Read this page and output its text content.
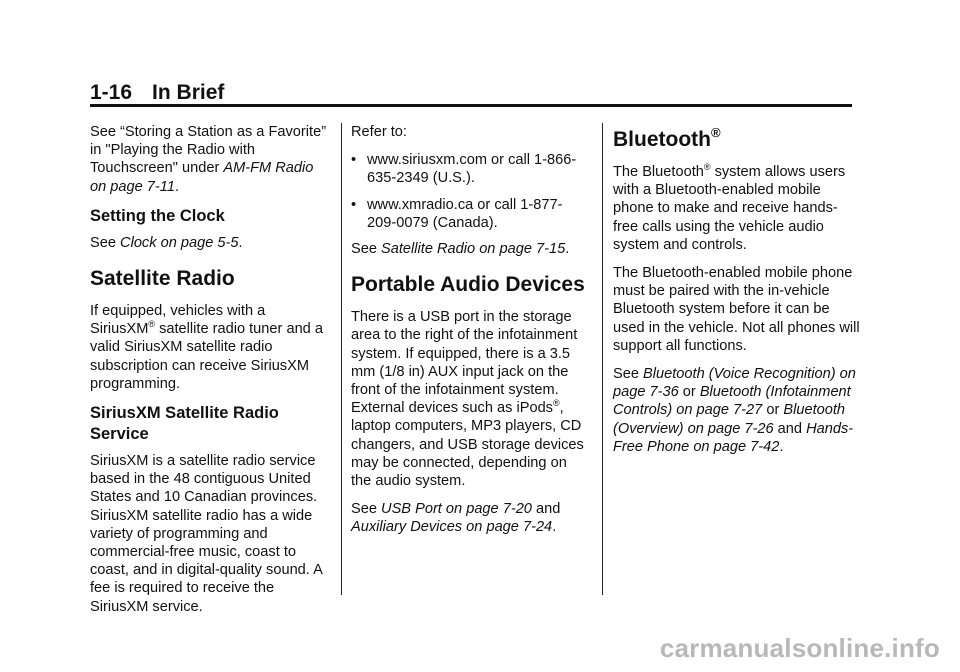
1-16 In Brief

See “Storing a Station as a Favorite” in "Playing the Radio with Touchscreen" under AM-FM Radio on page 7-11.

Setting the Clock

See Clock on page 5-5.

Satellite Radio

If equipped, vehicles with a SiriusXM® satellite radio tuner and a valid SiriusXM satellite radio subscription can receive SiriusXM programming.

SiriusXM Satellite Radio Service

SiriusXM is a satellite radio service based in the 48 contiguous United States and 10 Canadian provinces. SiriusXM satellite radio has a wide variety of programming and commercial-free music, coast to coast, and in digital-quality sound. A fee is required to receive the SiriusXM service.

Refer to:

• www.siriusxm.com or call 1-866-635-2349 (U.S.).
• www.xmradio.ca or call 1-877-209-0079 (Canada).

See Satellite Radio on page 7-15.

Portable Audio Devices

There is a USB port in the storage area to the right of the infotainment system. If equipped, there is a 3.5 mm (1/8 in) AUX input jack on the front of the infotainment system. External devices such as iPods®, laptop computers, MP3 players, CD changers, and USB storage devices may be connected, depending on the audio system.

See USB Port on page 7-20 and Auxiliary Devices on page 7-24.

Bluetooth®

The Bluetooth® system allows users with a Bluetooth-enabled mobile phone to make and receive hands-free calls using the vehicle audio system and controls.

The Bluetooth-enabled mobile phone must be paired with the in-vehicle Bluetooth system before it can be used in the vehicle. Not all phones will support all functions.

See Bluetooth (Voice Recognition) on page 7-36 or Bluetooth (Infotainment Controls) on page 7-27 or Bluetooth (Overview) on page 7-26 and Hands-Free Phone on page 7-42.

carmanualsonline.info
